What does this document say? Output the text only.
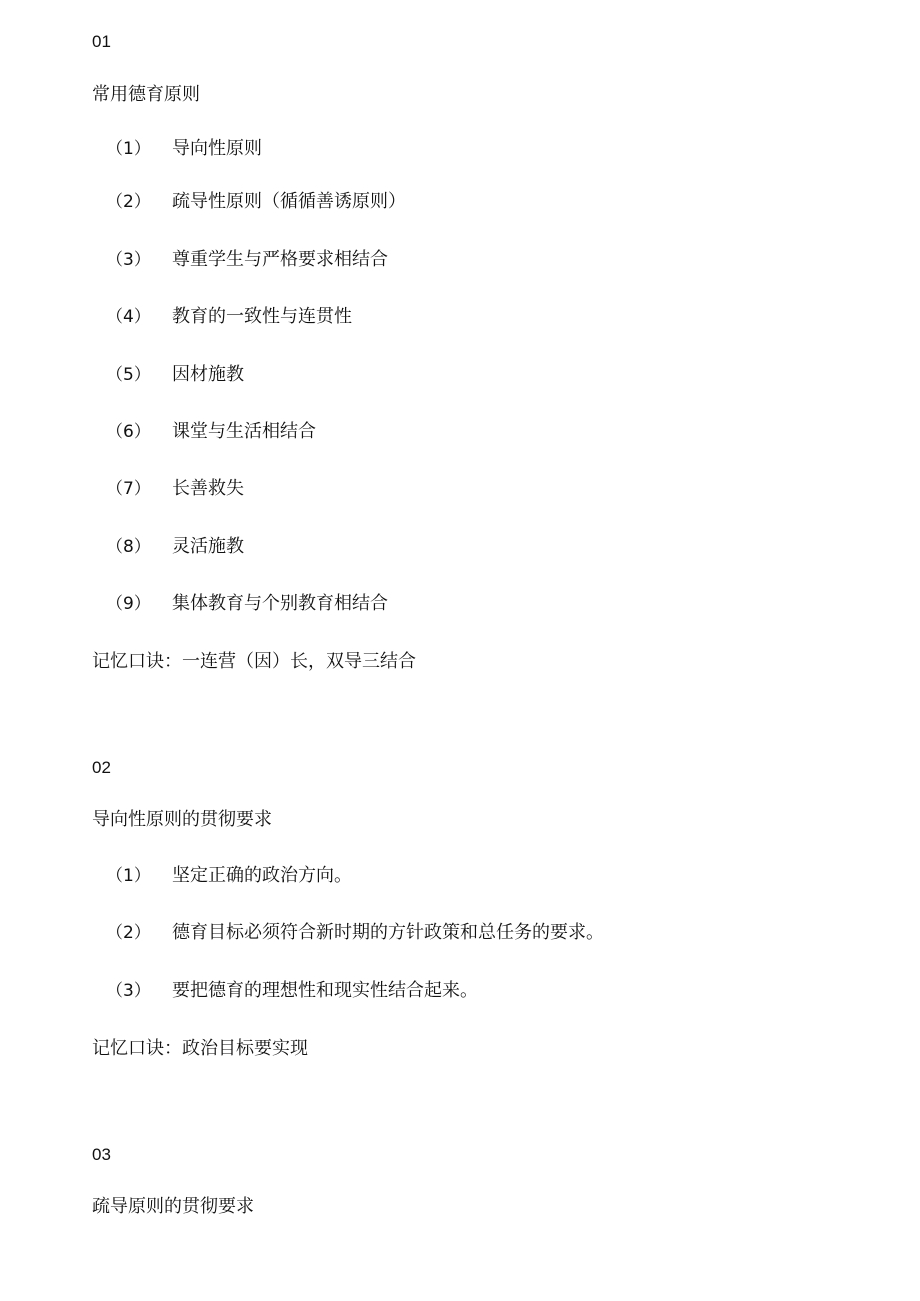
01
常用德育原则
（1） 导向性原则
（2） 疏导性原则（循循善诱原则）
（3） 尊重学生与严格要求相结合
（4） 教育的一致性与连贯性
（5） 因材施教
（6） 课堂与生活相结合
（7） 长善救失
（8） 灵活施教
（9） 集体教育与个别教育相结合
记忆口诀：一连营（因）长，双导三结合
02
导向性原则的贯彻要求
（1） 坚定正确的政治方向。
（2） 德育目标必须符合新时期的方针政策和总任务的要求。
（3） 要把德育的理想性和现实性结合起来。
记忆口诀：政治目标要实现
03
疏导原则的贯彻要求
